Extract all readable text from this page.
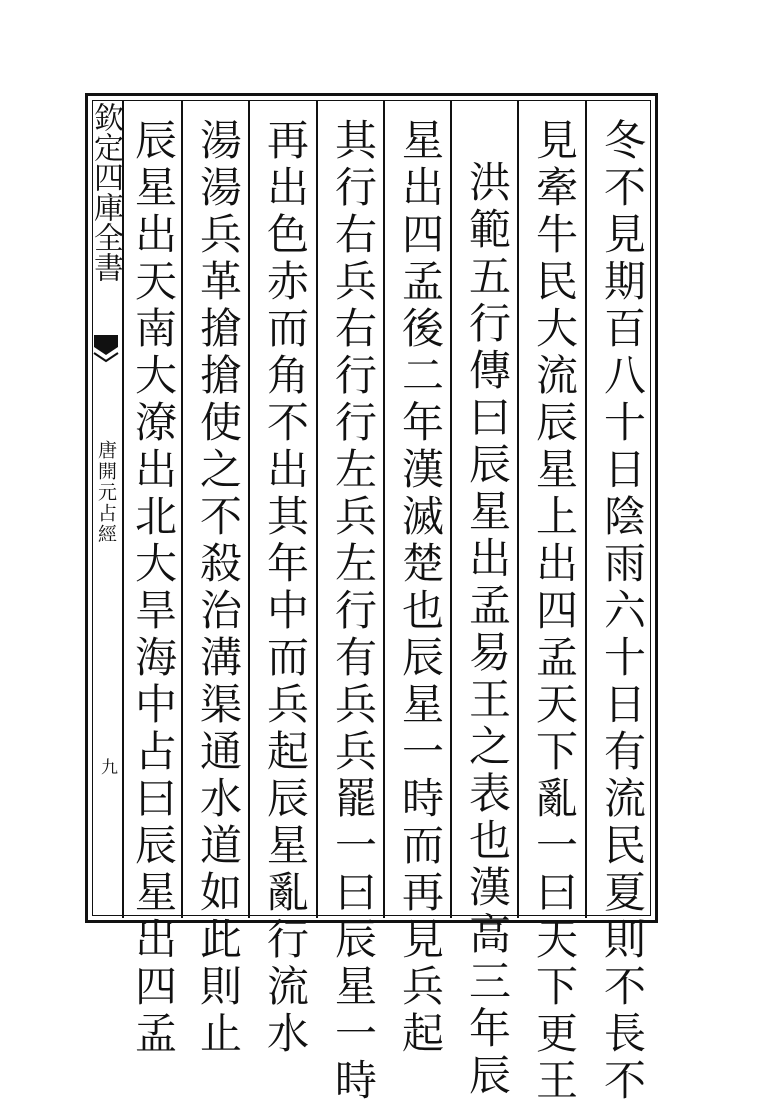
欽定四庫全書
唐開元占經
九	冬不見期百八十日陰雨六十日有流民夏則不長不
見牽牛民大流辰星上出四孟天下亂一曰天下更王
洪範五行傳曰辰星出孟易王之表也漢高三年辰
星出四孟後二年漢滅楚也辰星一時而再見兵起
其行右兵右行行左兵左行有兵兵罷一曰辰星一時
再出色赤而角不出其年中而兵起辰星亂行流水
湯湯兵革搶搶使之不殺治溝渠通水道如此則止
辰星出天南大潦出北大旱海中占曰辰星出四孟
